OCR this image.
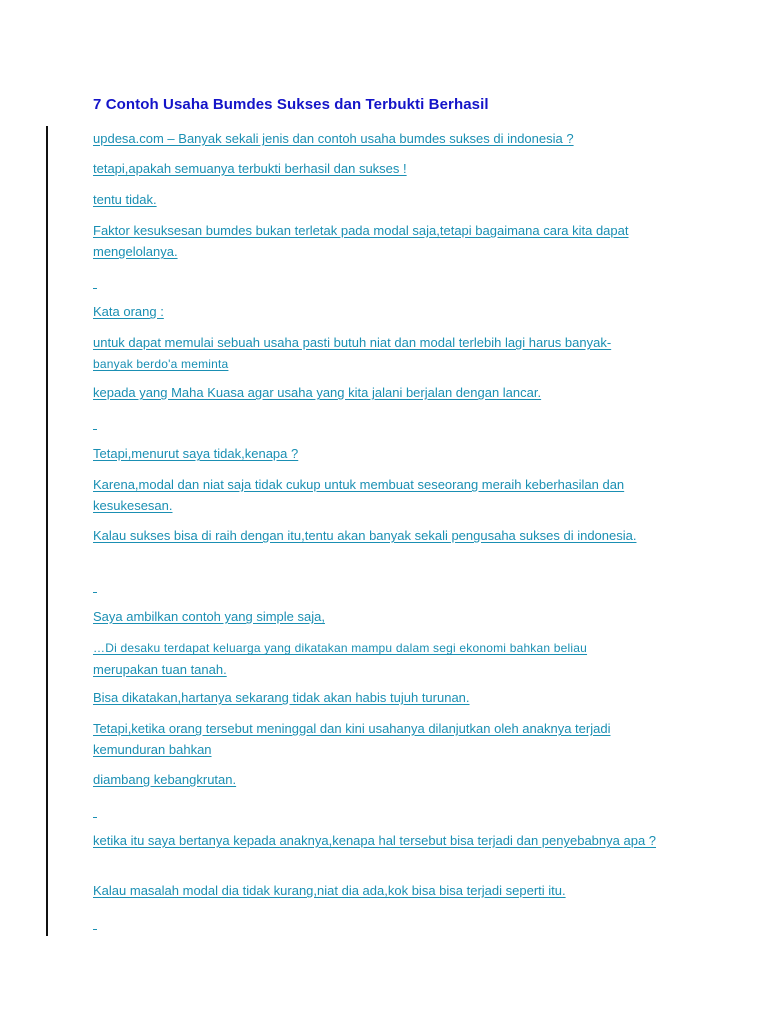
7 Contoh Usaha Bumdes Sukses dan Terbukti Berhasil

updesa.com – Banyak sekali jenis dan contoh usaha bumdes sukses di indonesia ?

tetapi,apakah semuanya terbukti berhasil dan sukses !

tentu tidak.

Faktor kesuksesan bumdes bukan terletak pada modal saja,tetapi bagaimana cara kita dapat mengelolanya.

Kata orang :

untuk dapat memulai sebuah usaha pasti butuh niat dan modal terlebih lagi harus banyak-
banyak berdo'a meminta

kepada yang Maha Kuasa agar usaha yang kita jalani berjalan dengan lancar.

Tetapi,menurut saya tidak,kenapa ?

Karena,modal dan niat saja tidak cukup untuk membuat seseorang meraih keberhasilan dan kesukesesan.

Kalau sukses bisa di raih dengan itu,tentu akan banyak sekali pengusaha sukses di indonesia.

Saya ambilkan contoh yang simple saja,

…Di desaku terdapat keluarga yang dikatakan mampu dalam segi ekonomi bahkan beliau
merupakan tuan tanah.

Bisa dikatakan,hartanya sekarang tidak akan habis tujuh turunan.

Tetapi,ketika orang tersebut meninggal dan kini usahanya dilanjutkan oleh anaknya terjadi kemunduran bahkan

diambang kebangkrutan.

ketika itu saya bertanya kepada anaknya,kenapa hal tersebut bisa terjadi dan penyebabnya apa ?

Kalau masalah modal dia tidak kurang,niat dia ada,kok bisa bisa terjadi seperti itu.
